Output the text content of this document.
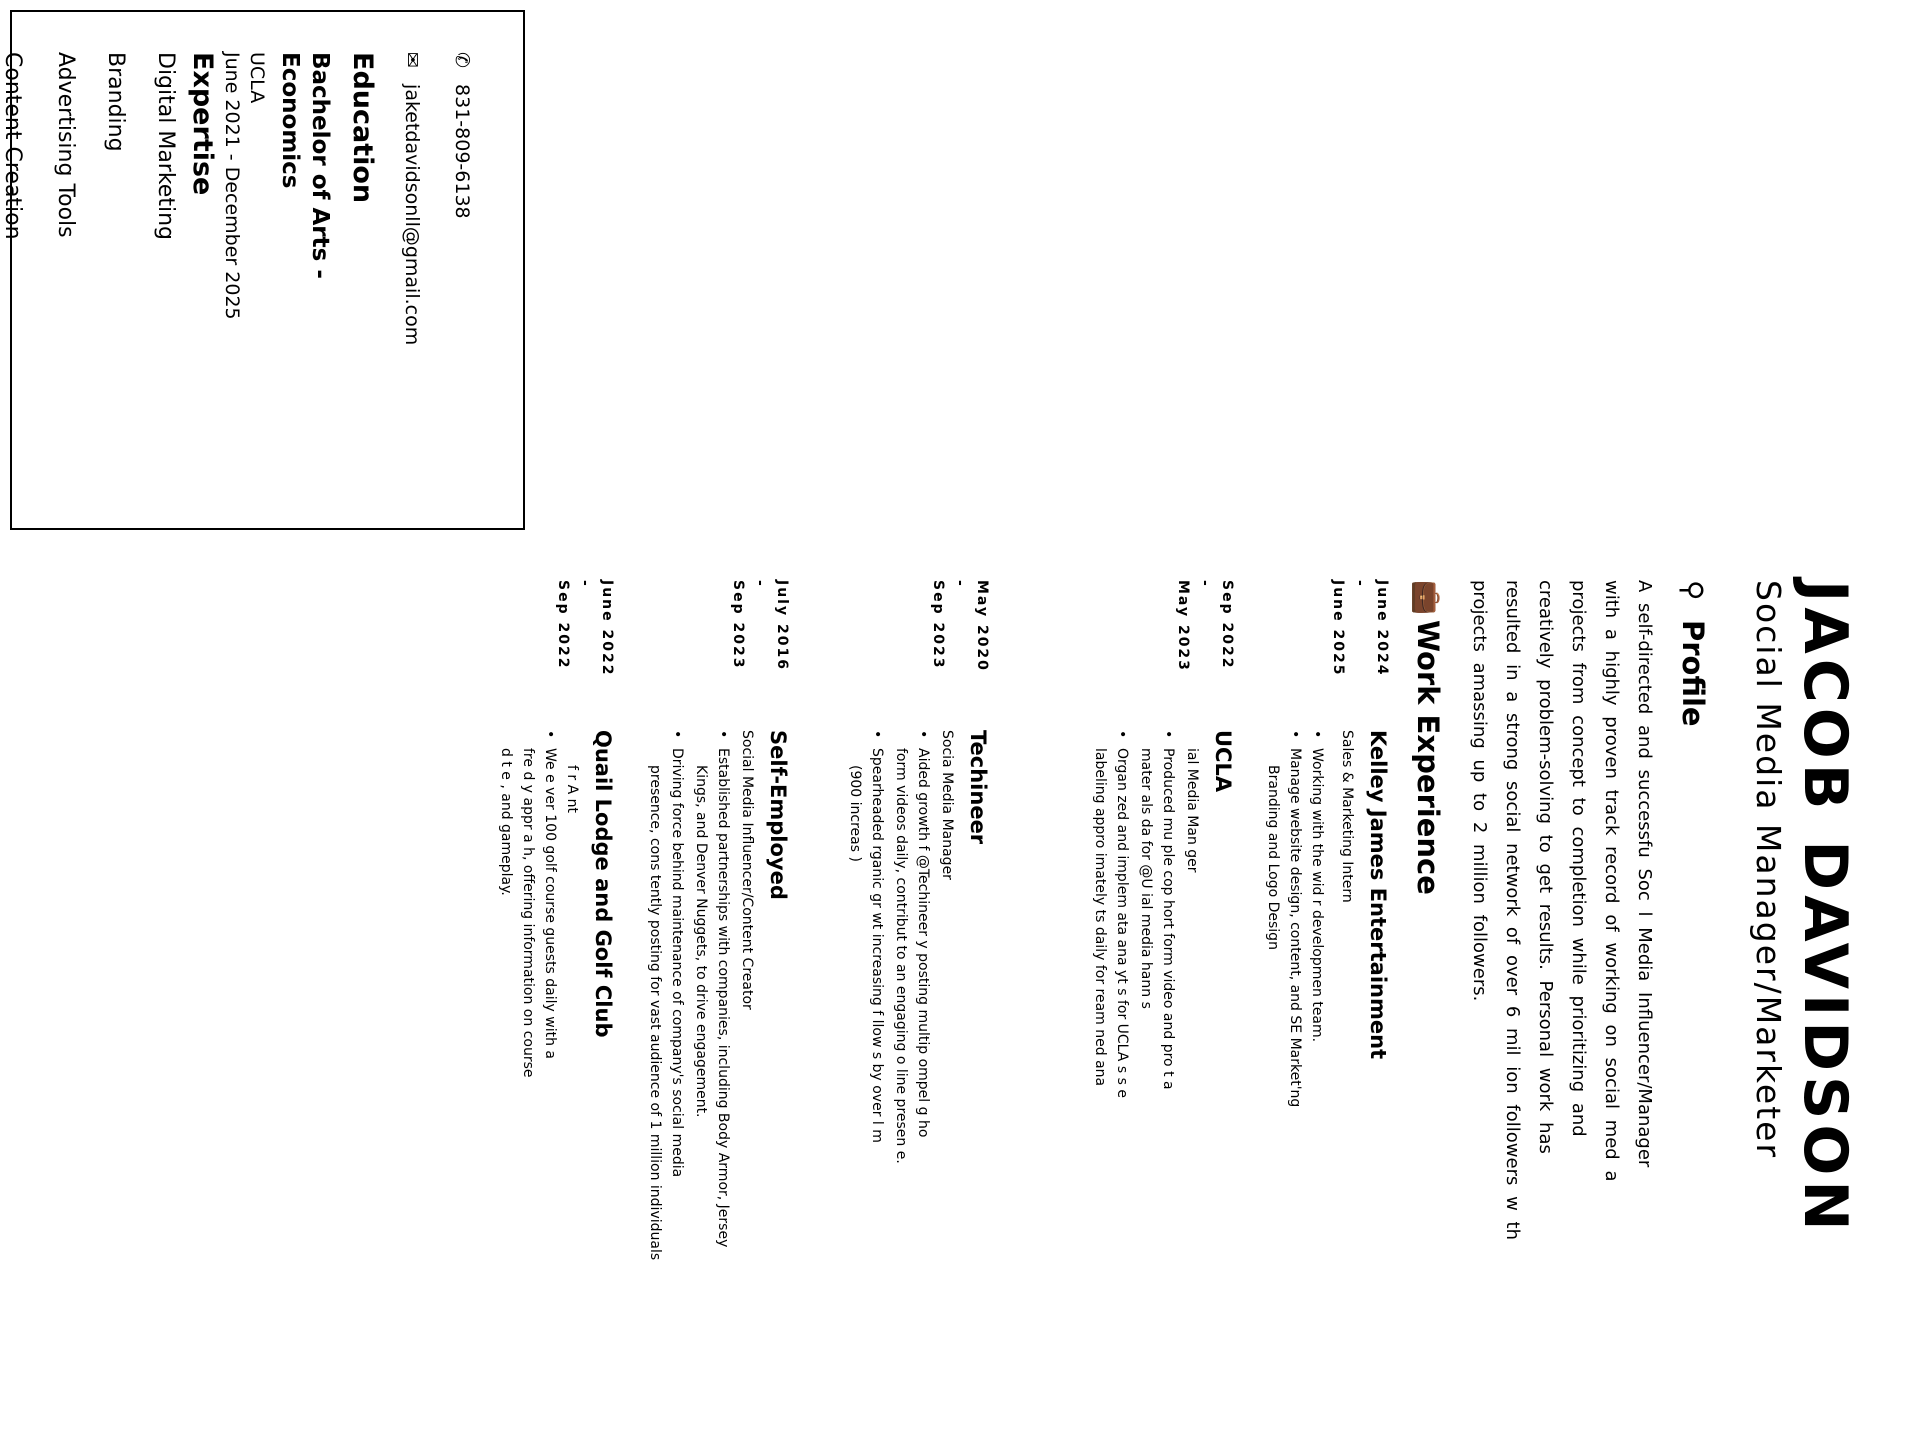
✆ 831-809-6138
✉ jaketdavidsonll@gmail.com
Education
Bachelor of Arts -
Economics
UCLA
June 2021 - December 2025
Expertise
Digital Marketing
Branding
Advertising Tools
Content Creation
JACOB DAVIDSON
Social Media Manager/Marketer
⚲Profile
A self-directed and successfu Soc l Media Influencer/Manager
with a highly proven track record of working on social med a
projects from concept to completion while prioritizing and
creatively problem-solving to get results. Personal work has
resulted in a strong social network of over 6 mil ion followers w th
projects amassing up to 2 million followers.
💼Work Experience
June 2024
-
June 2025
Kelley James Entertainment
Sales & Marketing Intern
•Working with the wid r developmen team.
•Manage website design, content, and SE Market'ng
Branding and Logo Design
Sep 2022
-
May 2023
UCLA
ial Media Man ger
•Produced mu ple cop hort form video and pro t a
mater als da for @U ial media hann s
•Organ zed and implem ata ana yt s for UCLA s s e
labeling appro imately ts daily for ream ned ana
May 2020
-
Sep 2023
Techineer
Socia Media Manager
•Aided growth f @Techineer y posting multip ompel g ho
form videos daily, contribut to an engaging o line presen e.
•Spearheaded rganic gr wt increasing f llow s by over l m
(900 increas )
July 2016
-
Sep 2023
Self-Employed
Social Media Influencer/Content Creator
•Established partnerships with companies, including Body Armor, Jersey
Kings, and Denver Nuggets, to drive engagement.
•Driving force behind maintenance of company's social media
presence, cons tently posting for vast audience of 1 million individuals
June 2022
-
Sep 2022
Quail Lodge and Golf Club
f r A nt
•We e ver 100 golf course guests daily with a
fre d y appr a h, offering information on course
d t e , and gameplay.
